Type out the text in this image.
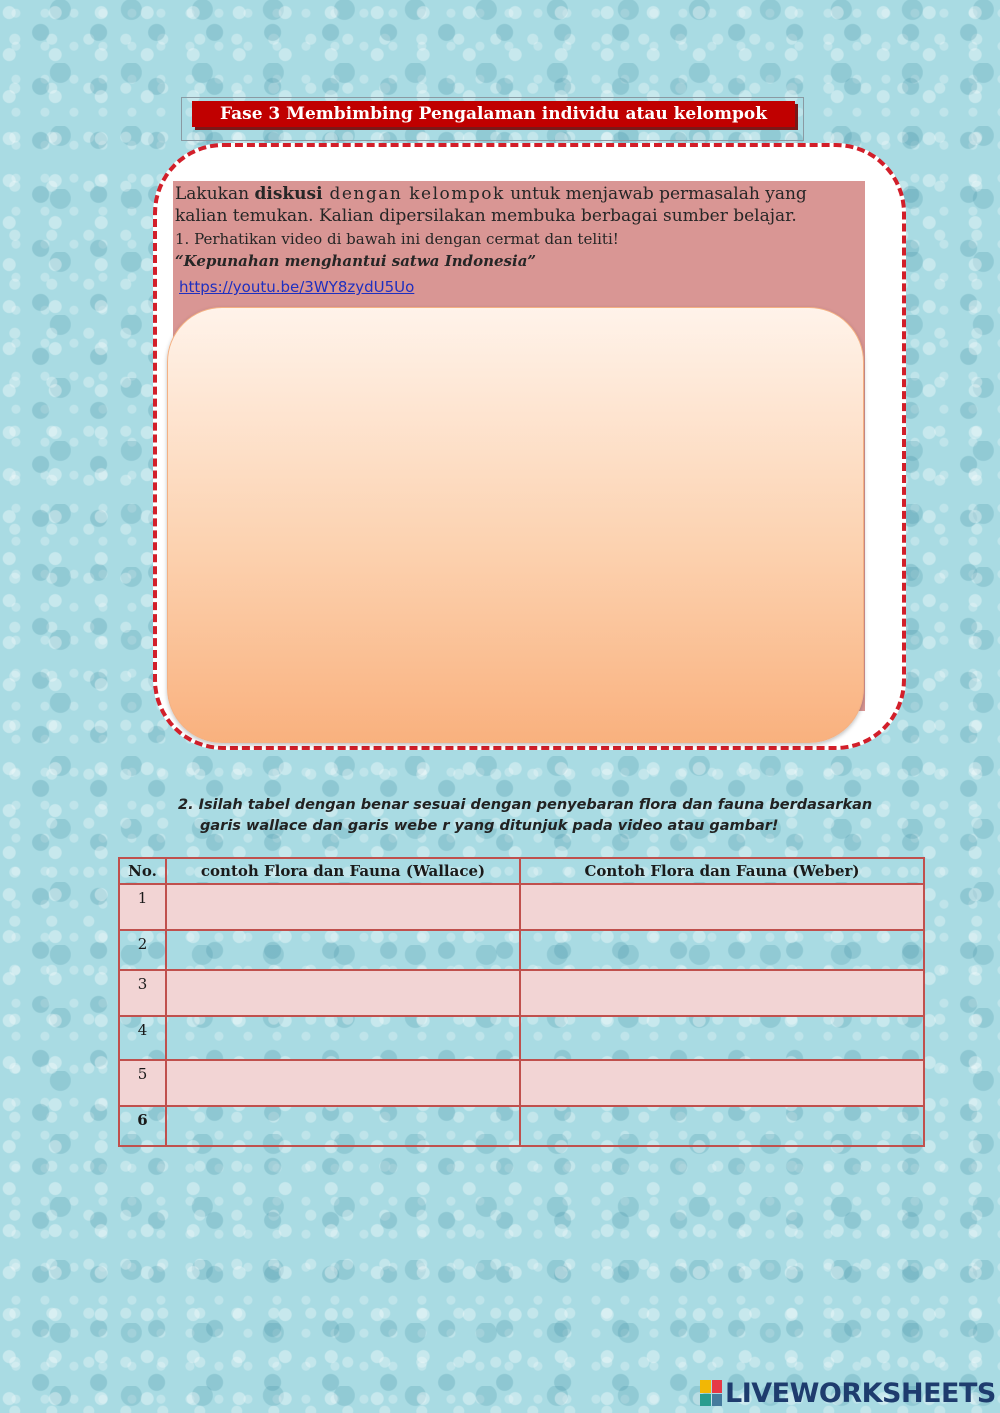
Fase 3 Membimbing Pengalaman individu atau kelompok

Lakukan diskusi dengan kelompok untuk menjawab permasalah yang kalian temukan. Kalian dipersilakan membuka berbagai sumber belajar.

1. Perhatikan video di bawah ini dengan cermat dan teliti!

“Kepunahan menghantui satwa Indonesia”

https://youtu.be/3WY8zydU5Uo
2. Isilah tabel dengan benar sesuai dengan penyebaran flora dan fauna berdasarkan
garis wallace dan garis webe r yang ditunjuk pada video atau gambar!
No.	contoh Flora dan Fauna (Wallace)	Contoh Flora dan Fauna (Weber)
1		
2		
3		
4		
5		
6		
LIVEWORKSHEETS
